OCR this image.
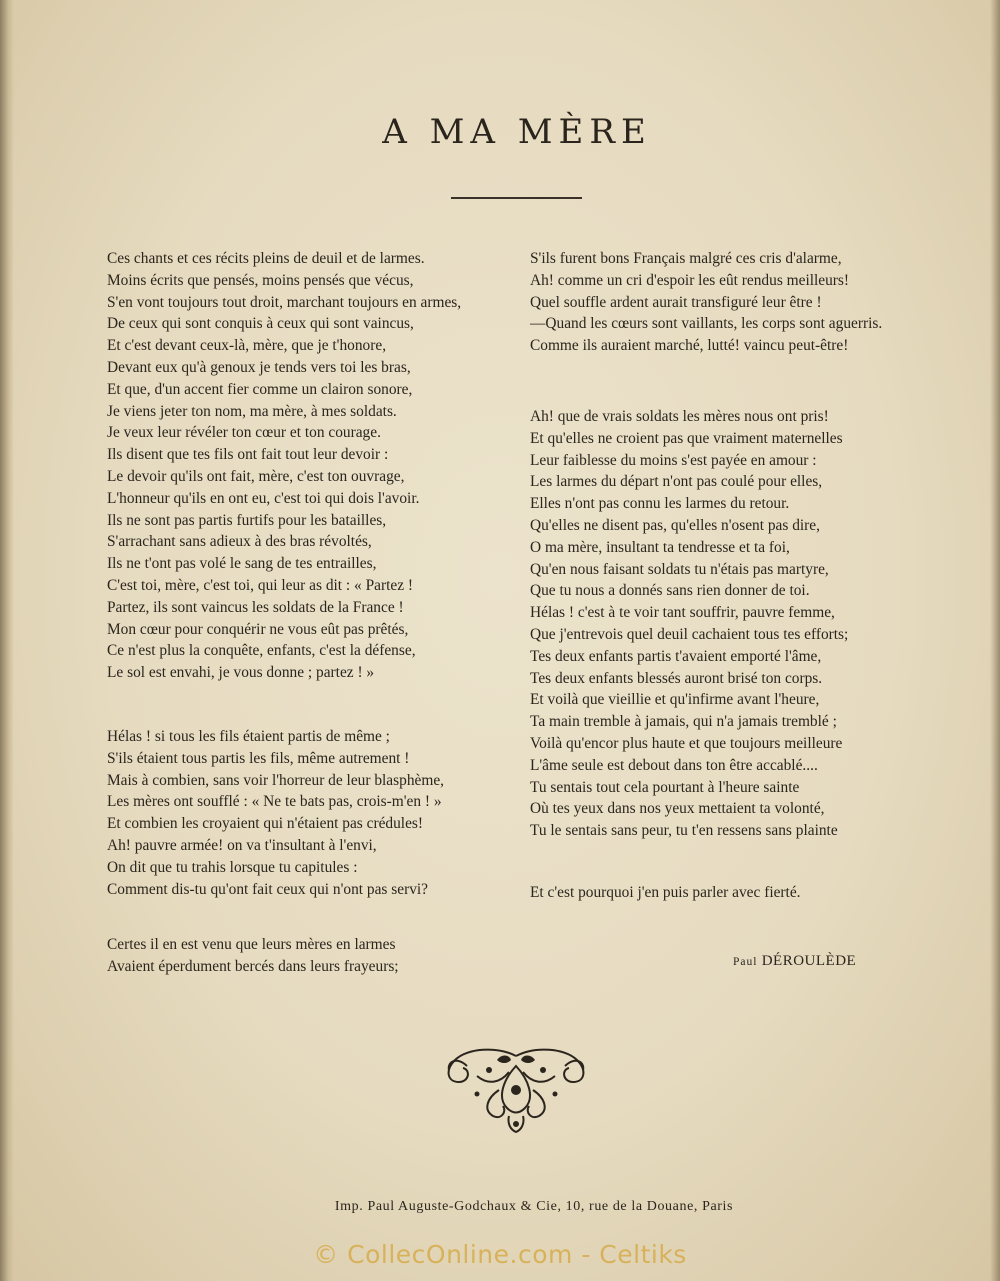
A MA MÈRE
Ces chants et ces récits pleins de deuil et de larmes.
Moins écrits que pensés, moins pensés que vécus,
S'en vont toujours tout droit, marchant toujours en armes,
De ceux qui sont conquis à ceux qui sont vaincus,
Et c'est devant ceux-là, mère, que je t'honore,
Devant eux qu'à genoux je tends vers toi les bras,
Et que, d'un accent fier comme un clairon sonore,
Je viens jeter ton nom, ma mère, à mes soldats.
Je veux leur révéler ton cœur et ton courage.
Ils disent que tes fils ont fait tout leur devoir :
Le devoir qu'ils ont fait, mère, c'est ton ouvrage,
L'honneur qu'ils en ont eu, c'est toi qui dois l'avoir.
Ils ne sont pas partis furtifs pour les batailles,
S'arrachant sans adieux à des bras révoltés,
Ils ne t'ont pas volé le sang de tes entrailles,
C'est toi, mère, c'est toi, qui leur as dit : « Partez !
Partez, ils sont vaincus les soldats de la France !
Mon cœur pour conquérir ne vous eût pas prêtés,
Ce n'est plus la conquête, enfants, c'est la défense,
Le sol est envahi, je vous donne ; partez ! »
Hélas ! si tous les fils étaient partis de même ;
S'ils étaient tous partis les fils, même autrement !
Mais à combien, sans voir l'horreur de leur blasphème,
Les mères ont soufflé : « Ne te bats pas, crois-m'en ! »
Et combien les croyaient qui n'étaient pas crédules!
Ah! pauvre armée! on va t'insultant à l'envi,
On dit que tu trahis lorsque tu capitules :
Comment dis-tu qu'ont fait ceux qui n'ont pas servi?
Certes il en est venu que leurs mères en larmes
Avaient éperdument bercés dans leurs frayeurs;
S'ils furent bons Français malgré ces cris d'alarme,
Ah! comme un cri d'espoir les eût rendus meilleurs!
Quel souffle ardent aurait transfiguré leur être !
—Quand les cœurs sont vaillants, les corps sont aguerris.
Comme ils auraient marché, lutté! vaincu peut-être!
Ah! que de vrais soldats les mères nous ont pris!
Et qu'elles ne croient pas que vraiment maternelles
Leur faiblesse du moins s'est payée en amour :
Les larmes du départ n'ont pas coulé pour elles,
Elles n'ont pas connu les larmes du retour.
Qu'elles ne disent pas, qu'elles n'osent pas dire,
O ma mère, insultant ta tendresse et ta foi,
Qu'en nous faisant soldats tu n'étais pas martyre,
Que tu nous a donnés sans rien donner de toi.
Hélas ! c'est à te voir tant souffrir, pauvre femme,
Que j'entrevois quel deuil cachaient tous tes efforts;
Tes deux enfants partis t'avaient emporté l'âme,
Tes deux enfants blessés auront brisé ton corps.
Et voilà que vieillie et qu'infirme avant l'heure,
Ta main tremble à jamais, qui n'a jamais tremblé ;
Voilà qu'encor plus haute et que toujours meilleure
L'âme seule est debout dans ton être accablé....
Tu sentais tout cela pourtant à l'heure sainte
Où tes yeux dans nos yeux mettaient ta volonté,
Tu le sentais sans peur, tu t'en ressens sans plainte
Et c'est pourquoi j'en puis parler avec fierté.
Paul DÉROULÈDE
Imp. Paul Auguste-Godchaux & Cie, 10, rue de la Douane, Paris
© CollecOnline.com - Celtiks
